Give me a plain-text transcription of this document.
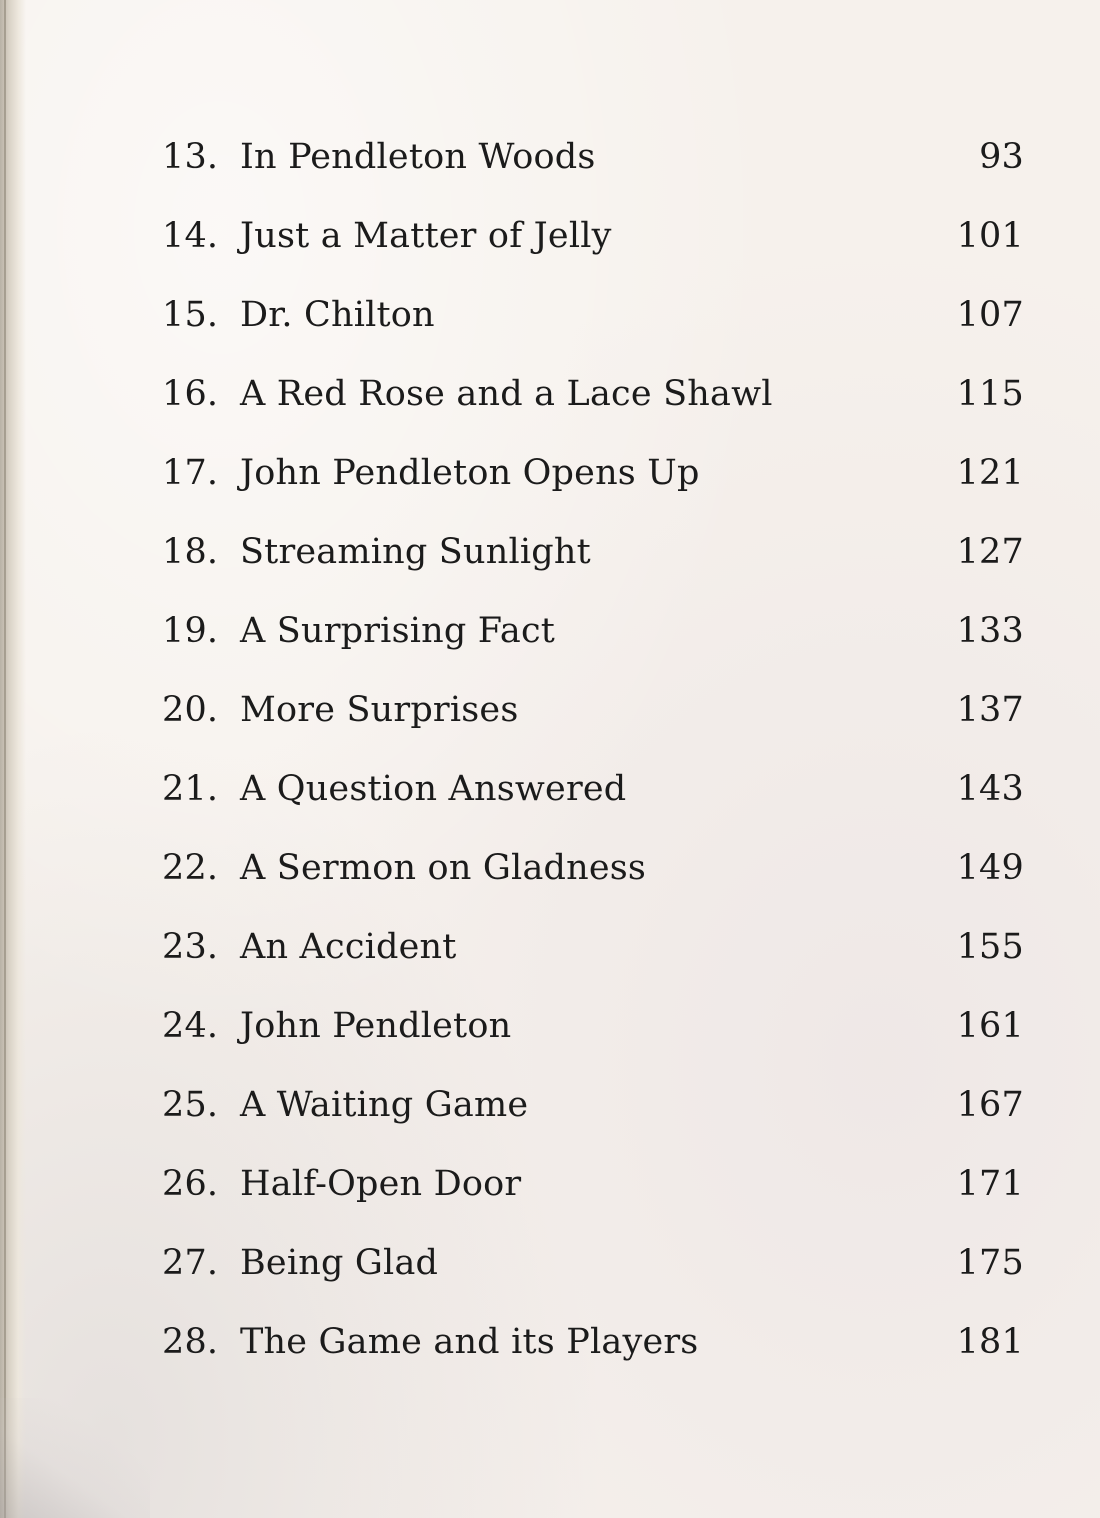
13. In Pendleton Woods	93
14. Just a Matter of Jelly	101
15. Dr. Chilton	107
16. A Red Rose and a Lace Shawl	115
17. John Pendleton Opens Up	121
18. Streaming Sunlight	127
19. A Surprising Fact	133
20. More Surprises	137
21. A Question Answered	143
22. A Sermon on Gladness	149
23. An Accident	155
24. John Pendleton	161
25. A Waiting Game	167
26. Half-Open Door	171
27. Being Glad	175
28. The Game and its Players	181
